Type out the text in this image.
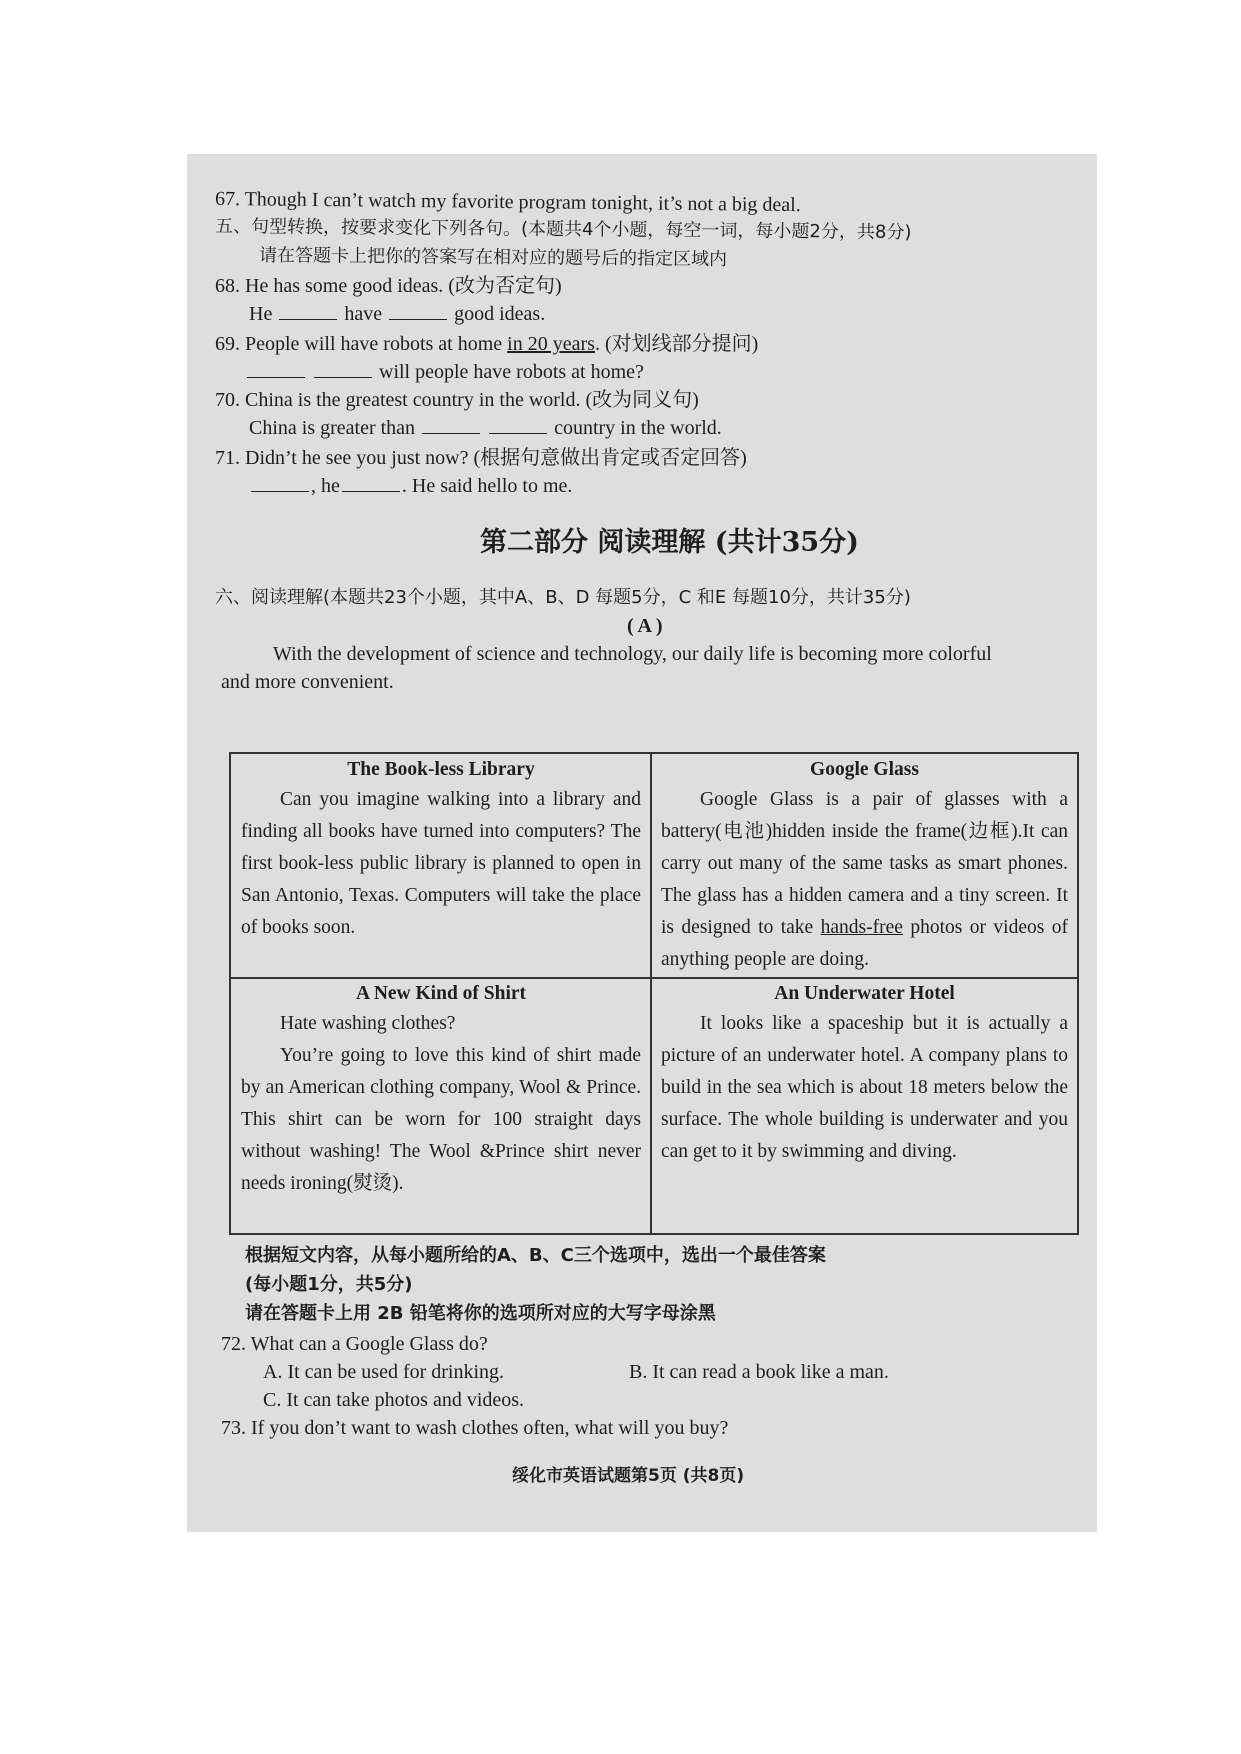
67. Though I can’t watch my favorite program tonight, it’s not a big deal.
五、句型转换，按要求变化下列各句。(本题共4个小题，每空一词，每小题2分，共8分)
请在答题卡上把你的答案写在相对应的题号后的指定区域内
68. He has some good ideas. (改为否定句)
He	have	good ideas.
69. People will have robots at home in 20 years. (对划线部分提问)
will people have robots at home?
70. China is the greatest country in the world. (改为同义句)
China is greater than	country in the world.
71. Didn’t he see you just now? (根据句意做出肯定或否定回答)
, he	. He said hello to me.
第二部分 阅读理解 (共计35分)
六、阅读理解(本题共23个小题，其中A、B、D 每题5分，C 和E 每题10分，共计35分)
( A )
With the development of science and technology, our daily life is becoming more colorful
and more convenient.
The Book-less Library

Can you imagine walking into a library and finding all books have turned into computers? The first book-less public library is planned to open in San Antonio, Texas. Computers will take the place of books soon.

Google Glass

Google Glass is a pair of glasses with a battery(电池)hidden inside the frame(边框).It can carry out many of the same tasks as smart phones. The glass has a hidden camera and a tiny screen. It is designed to take hands-free photos or videos of anything people are doing.

A New Kind of Shirt

Hate washing clothes?

You’re going to love this kind of shirt made by an American clothing company, Wool & Prince. This shirt can be worn for 100 straight days without washing! The Wool &Prince shirt never needs ironing(熨烫).

An Underwater Hotel

It looks like a spaceship but it is actually a picture of an underwater hotel. A company plans to build in the sea which is about 18 meters below the surface. The whole building is underwater and you can get to it by swimming and diving.

根据短文内容，从每小题所给的A、B、C三个选项中，选出一个最佳答案
(每小题1分，共5分)
请在答题卡上用 2B 铅笔将你的选项所对应的大写字母涂黑
72. What can a Google Glass do?
A. It can be used for drinking.	B. It can read a book like a man.
C. It can take photos and videos.
73. If you don’t want to wash clothes often, what will you buy?
绥化市英语试题第5页 (共8页)
